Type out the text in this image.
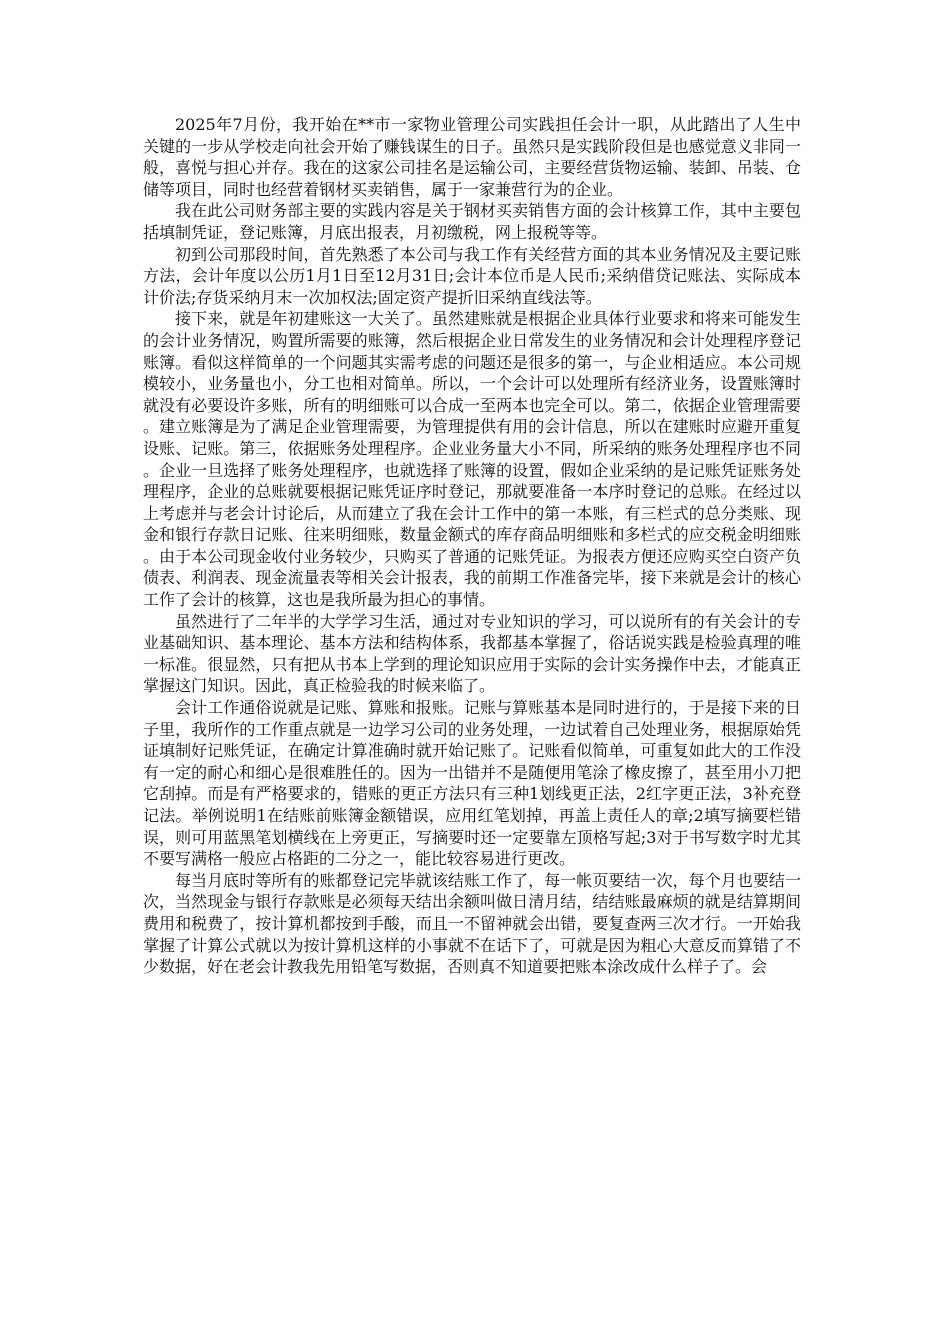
2025年7月份，我开始在**市一家物业管理公司实践担任会计一职，从此踏出了人生中关键的一步从学校走向社会开始了赚钱谋生的日子。虽然只是实践阶段但是也感觉意义非同一般，喜悦与担心并存。我在的这家公司挂名是运输公司，主要经营货物运输、装卸、吊装、仓储等项目，同时也经营着钢材买卖销售，属于一家兼营行为的企业。

我在此公司财务部主要的实践内容是关于钢材买卖销售方面的会计核算工作，其中主要包括填制凭证，登记账簿，月底出报表，月初缴税，网上报税等等。

初到公司那段时间，首先熟悉了本公司与我工作有关经营方面的其本业务情况及主要记账方法，会计年度以公历1月1日至12月31日;会计本位币是人民币;采纳借贷记账法、实际成本计价法;存货采纳月末一次加权法;固定资产提折旧采纳直线法等。

接下来，就是年初建账这一大关了。虽然建账就是根据企业具体行业要求和将来可能发生的会计业务情况，购置所需要的账簿，然后根据企业日常发生的业务情况和会计处理程序登记账簿。看似这样简单的一个问题其实需考虑的问题还是很多的第一，与企业相适应。本公司规模较小，业务量也小，分工也相对简单。所以，一个会计可以处理所有经济业务，设置账簿时就没有必要设许多账，所有的明细账可以合成一至两本也完全可以。第二，依据企业管理需要。建立账簿是为了满足企业管理需要，为管理提供有用的会计信息，所以在建账时应避开重复设账、记账。第三，依据账务处理程序。企业业务量大小不同，所采纳的账务处理程序也不同。企业一旦选择了账务处理程序，也就选择了账簿的设置，假如企业采纳的是记账凭证账务处理程序，企业的总账就要根据记账凭证序时登记，那就要准备一本序时登记的总账。在经过以上考虑并与老会计讨论后，从而建立了我在会计工作中的第一本账，有三栏式的总分类账、现金和银行存款日记账、往来明细账，数量金额式的库存商品明细账和多栏式的应交税金明细账。由于本公司现金收付业务较少，只购买了普通的记账凭证。为报表方便还应购买空白资产负债表、利润表、现金流量表等相关会计报表，我的前期工作准备完毕，接下来就是会计的核心工作了会计的核算，这也是我所最为担心的事情。

虽然进行了二年半的大学学习生活，通过对专业知识的学习，可以说所有的有关会计的专业基础知识、基本理论、基本方法和结构体系，我都基本掌握了，俗话说实践是检验真理的唯一标准。很显然，只有把从书本上学到的理论知识应用于实际的会计实务操作中去，才能真正掌握这门知识。因此，真正检验我的时候来临了。

会计工作通俗说就是记账、算账和报账。记账与算账基本是同时进行的，于是接下来的日子里，我所作的工作重点就是一边学习公司的业务处理，一边试着自己处理业务，根据原始凭证填制好记账凭证，在确定计算准确时就开始记账了。记账看似简单，可重复如此大的工作没有一定的耐心和细心是很难胜任的。因为一出错并不是随便用笔涂了橡皮擦了，甚至用小刀把它刮掉。而是有严格要求的，错账的更正方法只有三种1划线更正法，2红字更正法，3补充登记法。举例说明1在结账前账簿金额错误，应用红笔划掉，再盖上责任人的章;2填写摘要栏错误，则可用蓝黑笔划横线在上旁更正，写摘要时还一定要靠左顶格写起;3对于书写数字时尤其不要写满格一般应占格距的二分之一，能比较容易进行更改。

每当月底时等所有的账都登记完毕就该结账工作了，每一帐页要结一次，每个月也要结一次，当然现金与银行存款账是必须每天结出余额叫做日清月结，结结账最麻烦的就是结算期间费用和税费了，按计算机都按到手酸，而且一不留神就会出错，要复查两三次才行。一开始我掌握了计算公式就以为按计算机这样的小事就不在话下了，可就是因为粗心大意反而算错了不少数据，好在老会计教我先用铅笔写数据，否则真不知道要把账本涂改成什么样子了。会
